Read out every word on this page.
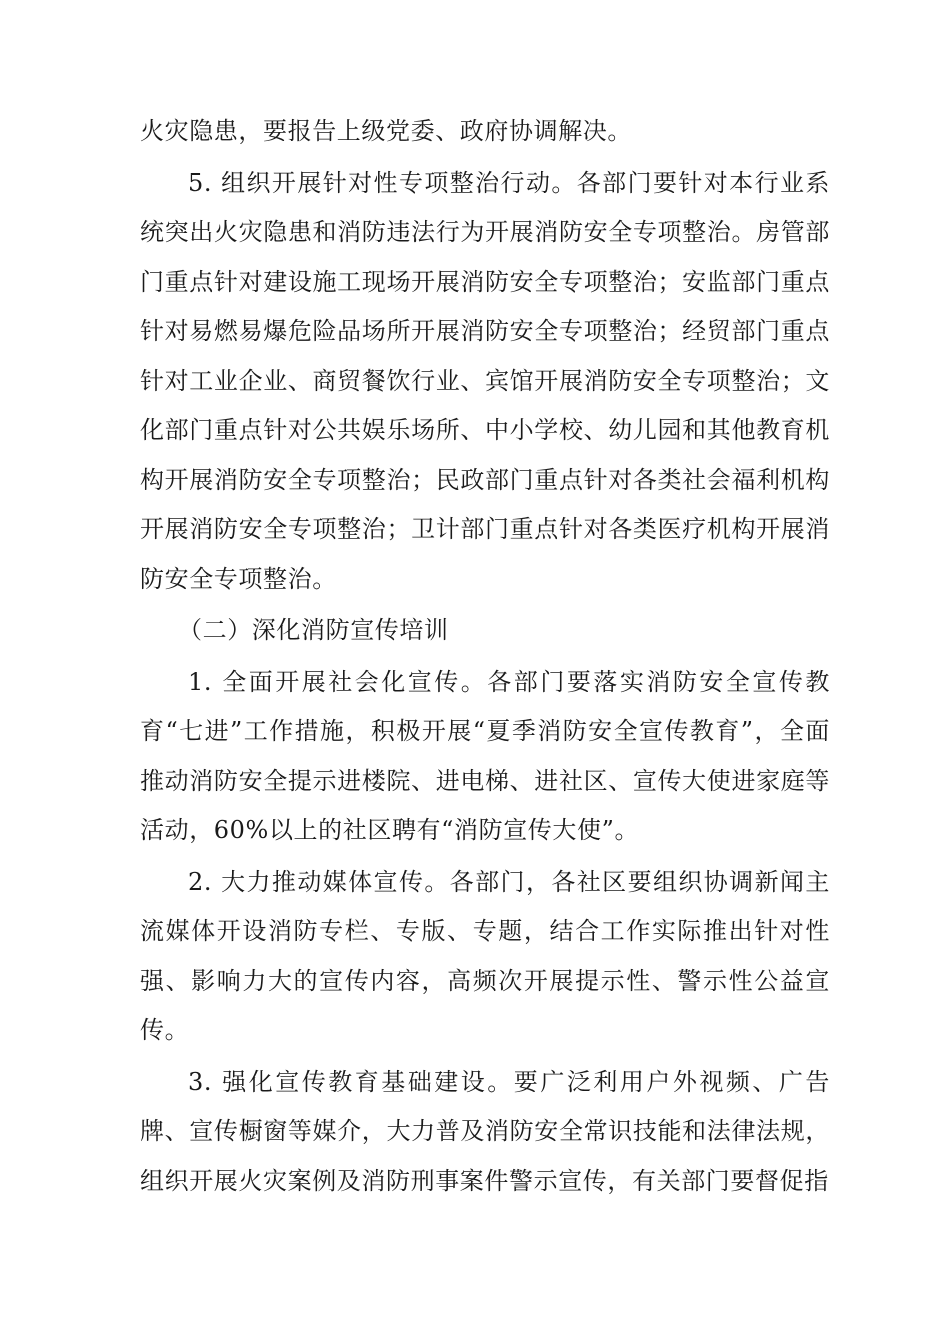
火灾隐患，要报告上级党委、政府协调解决。

5. 组织开展针对性专项整治行动。各部门要针对本行业系统突出火灾隐患和消防违法行为开展消防安全专项整治。房管部门重点针对建设施工现场开展消防安全专项整治；安监部门重点针对易燃易爆危险品场所开展消防安全专项整治；经贸部门重点针对工业企业、商贸餐饮行业、宾馆开展消防安全专项整治；文化部门重点针对公共娱乐场所、中小学校、幼儿园和其他教育机构开展消防安全专项整治；民政部门重点针对各类社会福利机构开展消防安全专项整治；卫计部门重点针对各类医疗机构开展消防安全专项整治。

（二）深化消防宣传培训

1. 全面开展社会化宣传。各部门要落实消防安全宣传教育“七进”工作措施，积极开展“夏季消防安全宣传教育”，全面推动消防安全提示进楼院、进电梯、进社区、宣传大使进家庭等活动，60%以上的社区聘有“消防宣传大使”。

2. 大力推动媒体宣传。各部门，各社区要组织协调新闻主流媒体开设消防专栏、专版、专题，结合工作实际推出针对性强、影响力大的宣传内容，高频次开展提示性、警示性公益宣传。

3. 强化宣传教育基础建设。要广泛利用户外视频、广告牌、宣传橱窗等媒介，大力普及消防安全常识技能和法律法规，组织开展火灾案例及消防刑事案件警示宣传，有关部门要督促指
